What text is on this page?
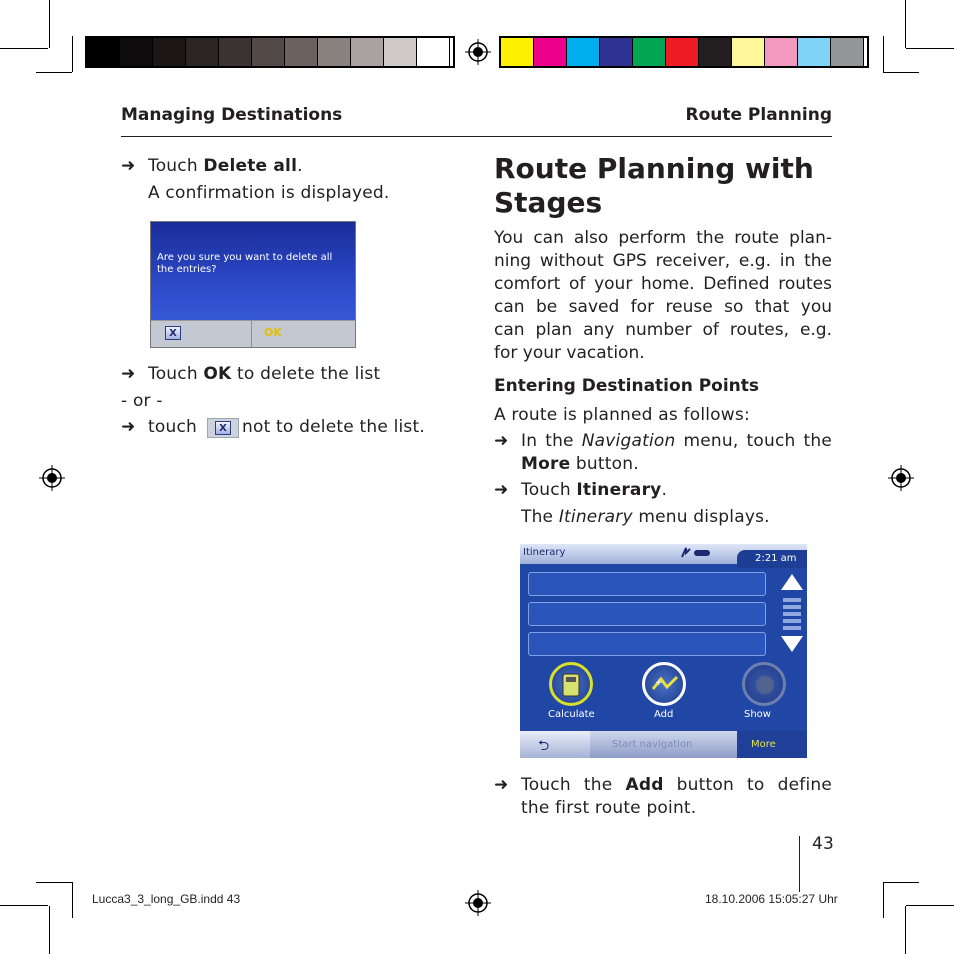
Managing Destinations	Route Planning
➜ Touch Delete all.
A confirmation is displayed.
Are you sure you want to delete all
the entries?
X	OK
➜ Touch OK to delete the list
- or -
➜ touch	X not to delete the list.
Route Planning with
Stages
You can also perform the route plan-
ning without GPS receiver, e.g. in the
comfort of your home. Defined routes
can be saved for reuse so that you
can plan any number of routes, e.g.
for your vacation.
Entering Destination Points
A route is planned as follows:
➜ In the Navigation menu, touch the
More button.
➜ Touch Itinerary.
The Itinerary menu displays.
Itinerary
2:21 am
Calculate
+
Add	Show
⮌	Start navigation	More
➜ Touch the Add button to define
the first route point.
43
Lucca3_3_long_GB.indd 43	18.10.2006 15:05:27 Uhr
